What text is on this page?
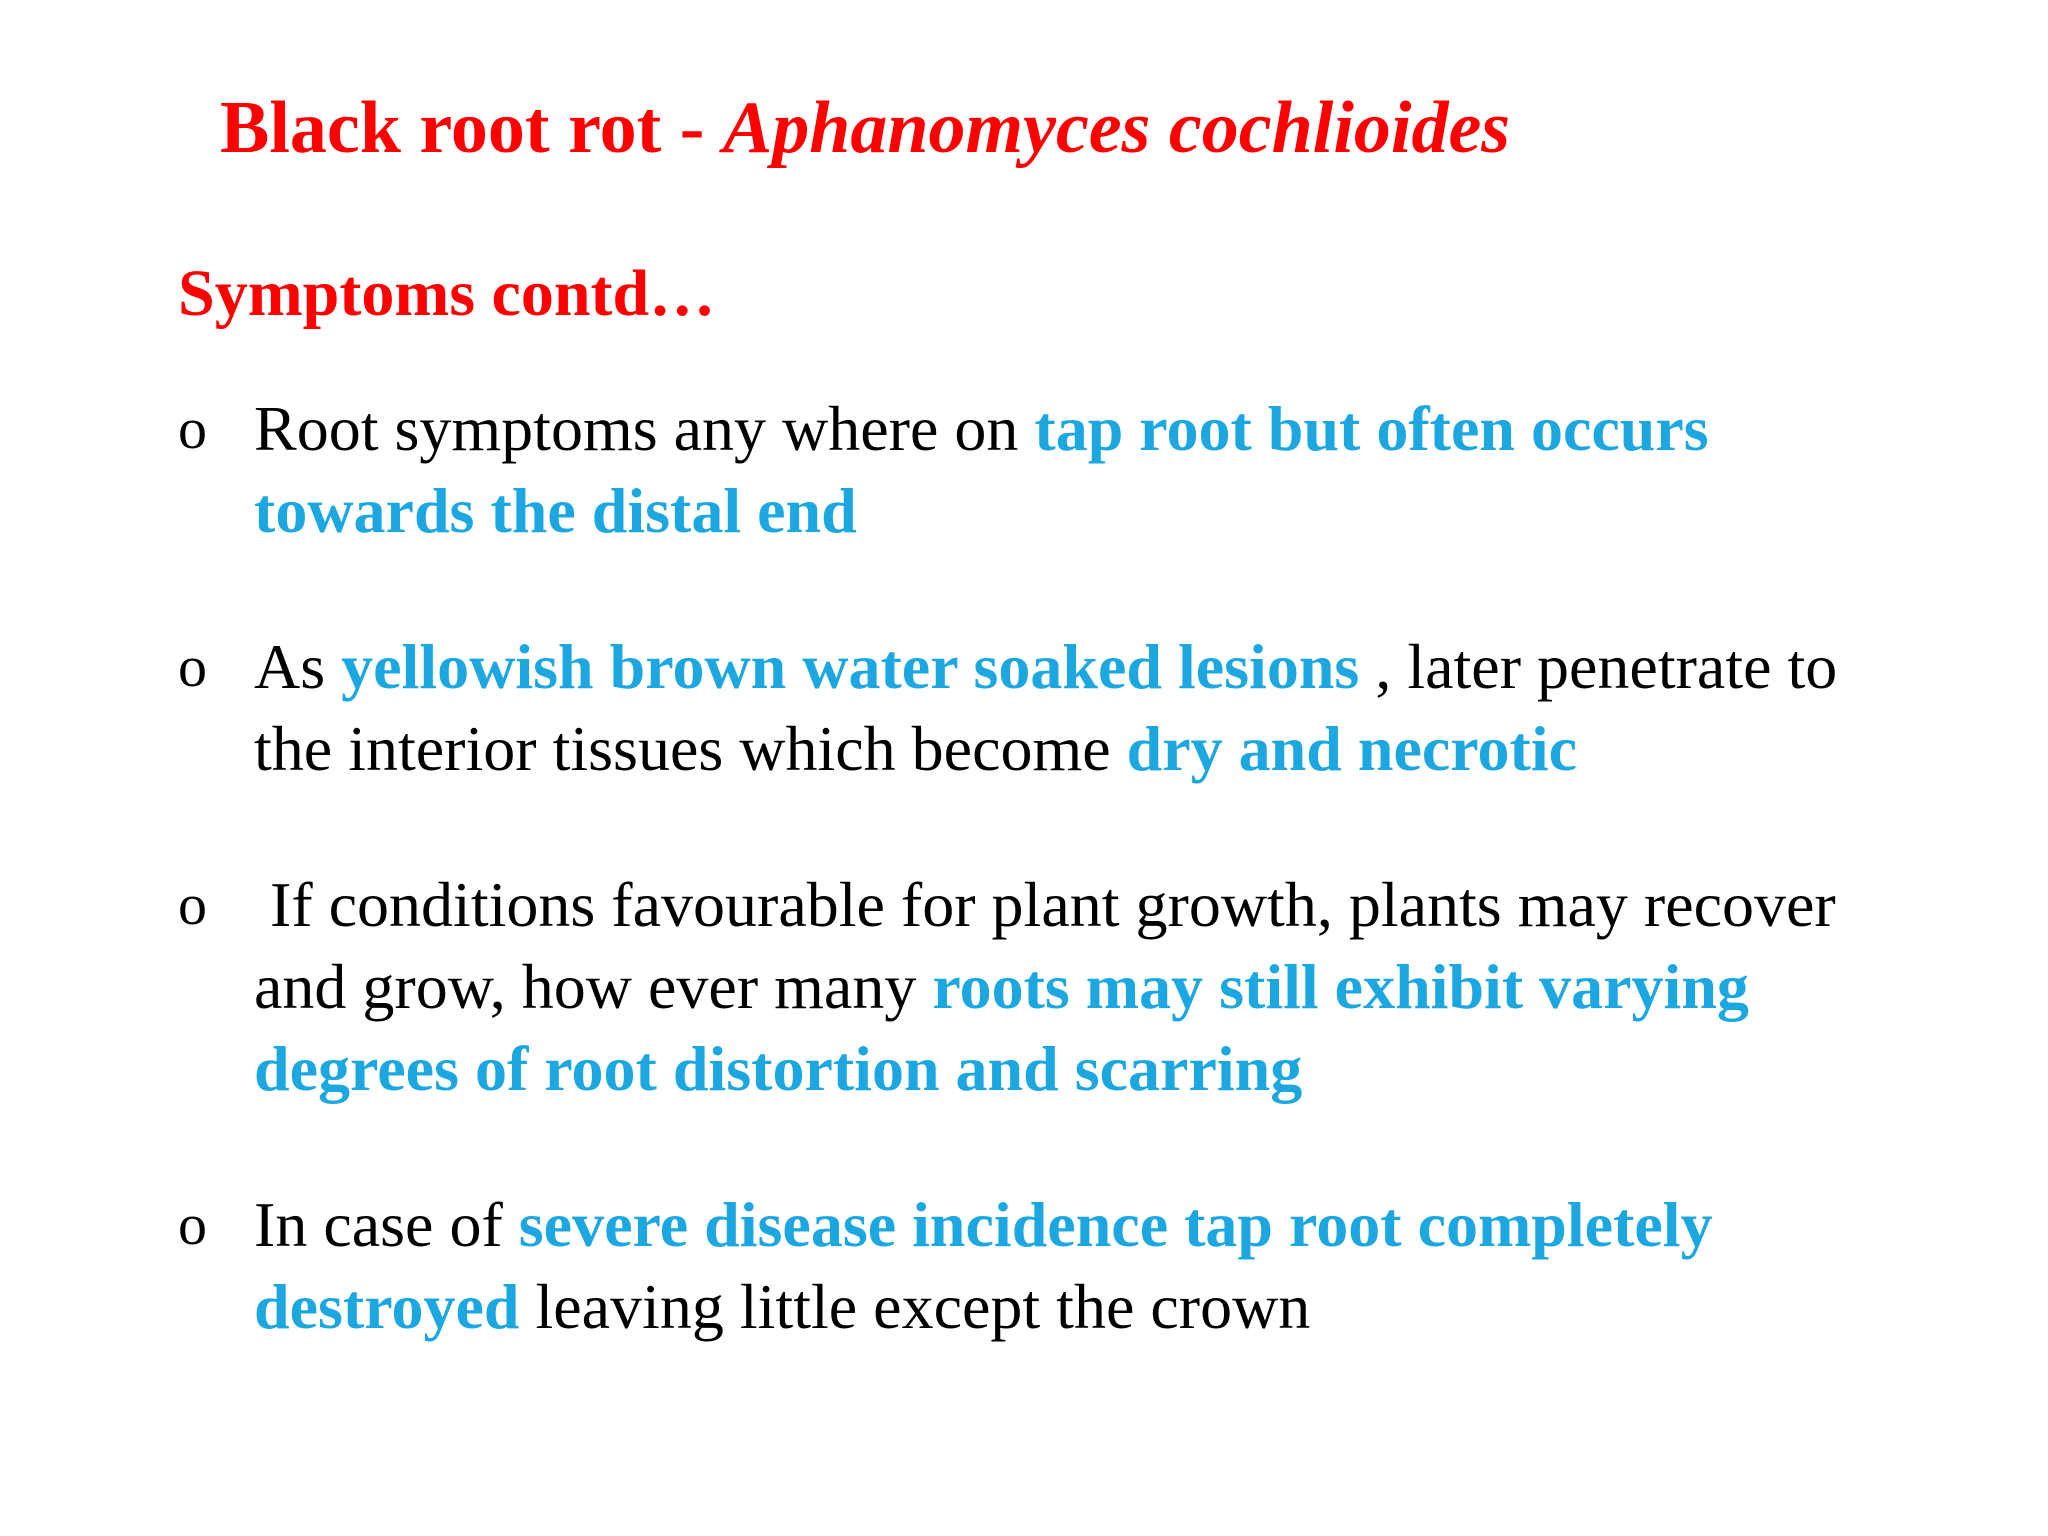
Black root rot - Aphanomyces cochlioides
Symptoms contd…
o Root symptoms any where on tap root but often occurs towards the distal end
o As yellowish brown water soaked lesions , later penetrate to the interior tissues which become dry and necrotic
o If conditions favourable for plant growth, plants may recover and grow, how ever many roots may still exhibit varying degrees of root distortion and scarring
o In case of severe disease incidence tap root completely destroyed leaving little except the crown
